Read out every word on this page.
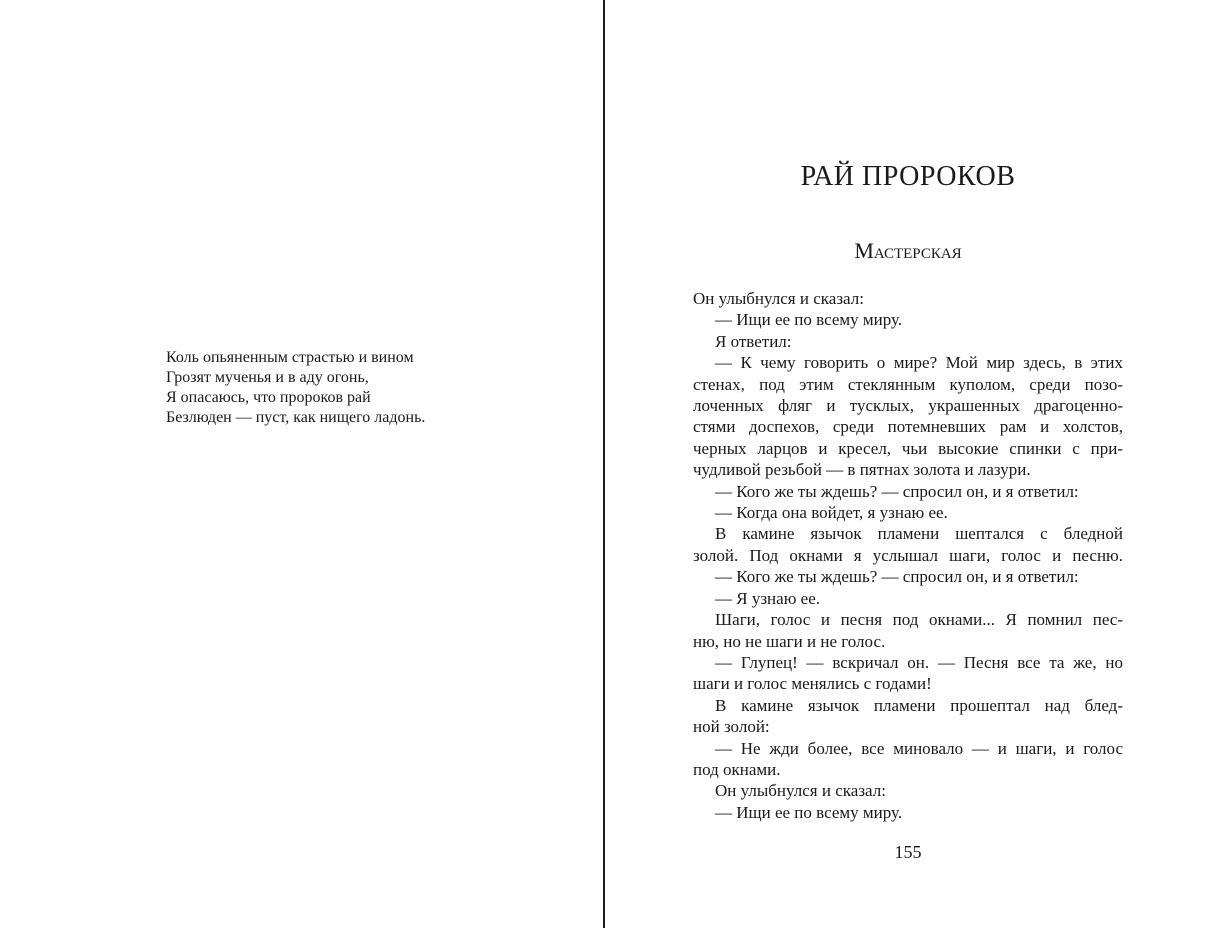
Коль опьяненным страстью и вином
Грозят мученья и в аду огонь,
Я опасаюсь, что пророков рай
Безлюден — пуст, как нищего ладонь.
РАЙ ПРОРОКОВ
Мастерская
Он улыбнулся и сказал:
— Ищи ее по всему миру.
Я ответил:
— К чему говорить о мире? Мой мир здесь, в этих
стенах, под этим стеклянным куполом, среди позо-
лоченных фляг и тусклых, украшенных драгоценно-
стями доспехов, среди потемневших рам и холстов,
черных ларцов и кресел, чьи высокие спинки с при-
чудливой резьбой — в пятнах золота и лазури.
— Кого же ты ждешь? — спросил он, и я ответил:
— Когда она войдет, я узнаю ее.
В камине язычок пламени шептался с бледной
золой. Под окнами я услышал шаги, голос и песню.
— Кого же ты ждешь? — спросил он, и я ответил:
— Я узнаю ее.
Шаги, голос и песня под окнами... Я помнил пес-
ню, но не шаги и не голос.
— Глупец! — вскричал он. — Песня все та же, но
шаги и голос менялись с годами!
В камине язычок пламени прошептал над блед-
ной золой:
— Не жди более, все миновало — и шаги, и голос
под окнами.
Он улыбнулся и сказал:
— Ищи ее по всему миру.
155
